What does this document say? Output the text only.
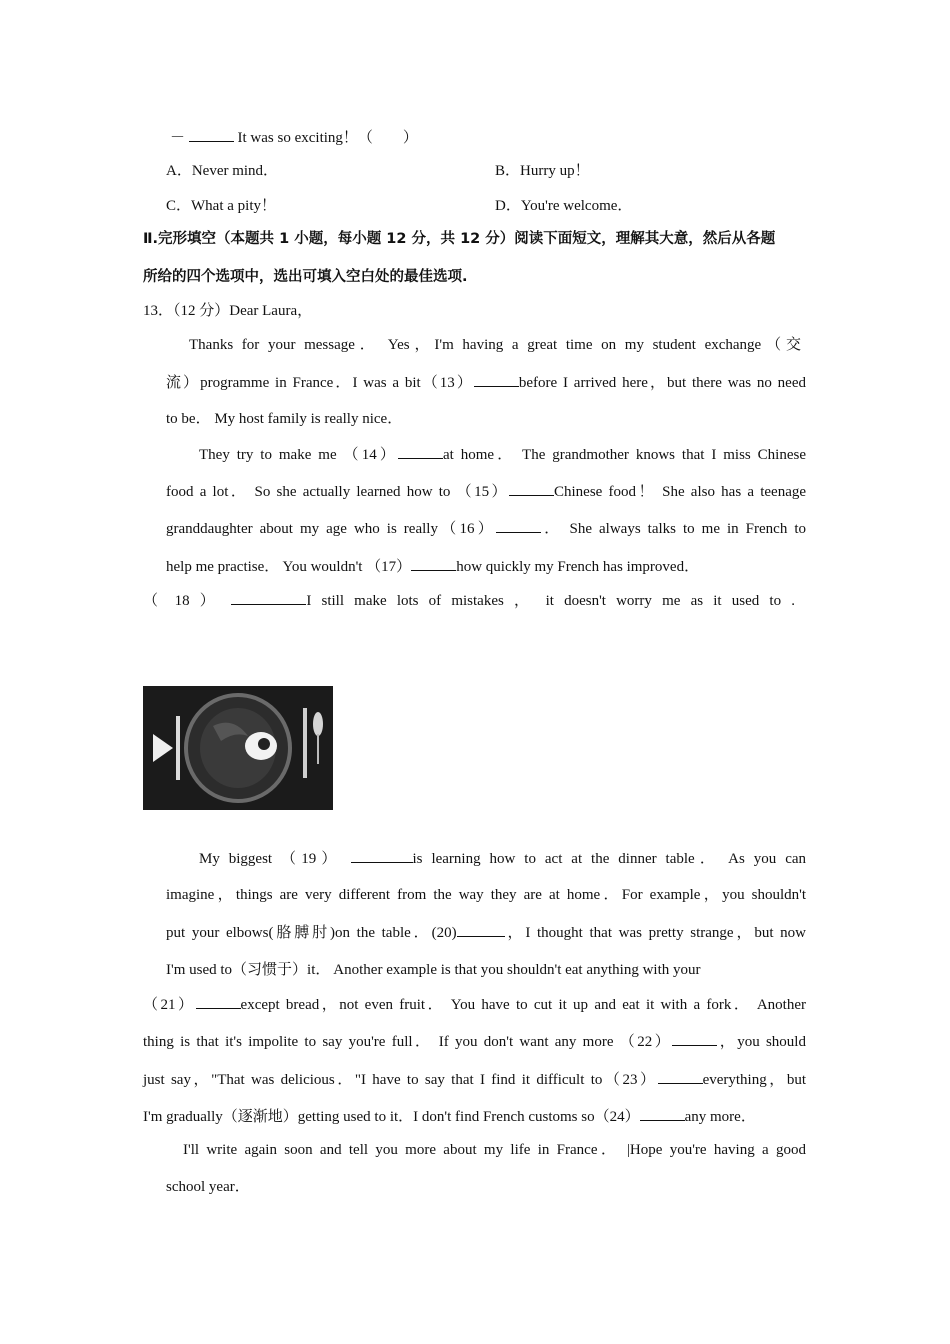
－	It was so exciting！（　　）
A．Never mind．	B．Hurry up！
C．What a pity！	D．You're welcome．
Ⅱ.完形填空（本题共 1 小题，每小题 12 分，共 12 分）阅读下面短文，理解其大意，然后从各题
所给的四个选项中，选出可填入空白处的最佳选项.
13．（12 分）Dear Laura，
Thanks for your message． Yes，I'm having a great time on my student exchange（交
流）programme in France．I was a bit（13）	before I arrived here，but there was no need
to be． My host family is really nice．
They try to make me （14）	at home． The grandmother knows that I miss Chinese
food a lot． So she actually learned how to （15）	Chinese food！ She also has a teenage
granddaughter about my age who is really（16）	． She always talks to me in French to
help me practise． You wouldn't （17）	how quickly my French has improved．
（ 18 ）	I still make lots of mistakes ， it doesn't worry me as it used to .
My biggest （19）	is learning how to act at the dinner table． As you can
imagine，things are very different from the way they are at home．For example，you shouldn't
put your elbows(胳膊肘)on the table．(20)	，I thought that was pretty strange，but now
I'm used to（习惯于）it． Another example is that you shouldn't eat anything with your
（21）	except bread，not even fruit． You have to cut it up and eat it with a fork． Another
thing is that it's impolite to say you're full． If you don't want any more （22）	，you should
just say，"That was delicious．"I have to say that I find it difficult to（23）	everything，but
I'm gradually（逐渐地）getting used to it．I don't find French customs so（24）	any more．
I'll write again soon and tell you more about my life in France． |Hope you're having a good
school year．
